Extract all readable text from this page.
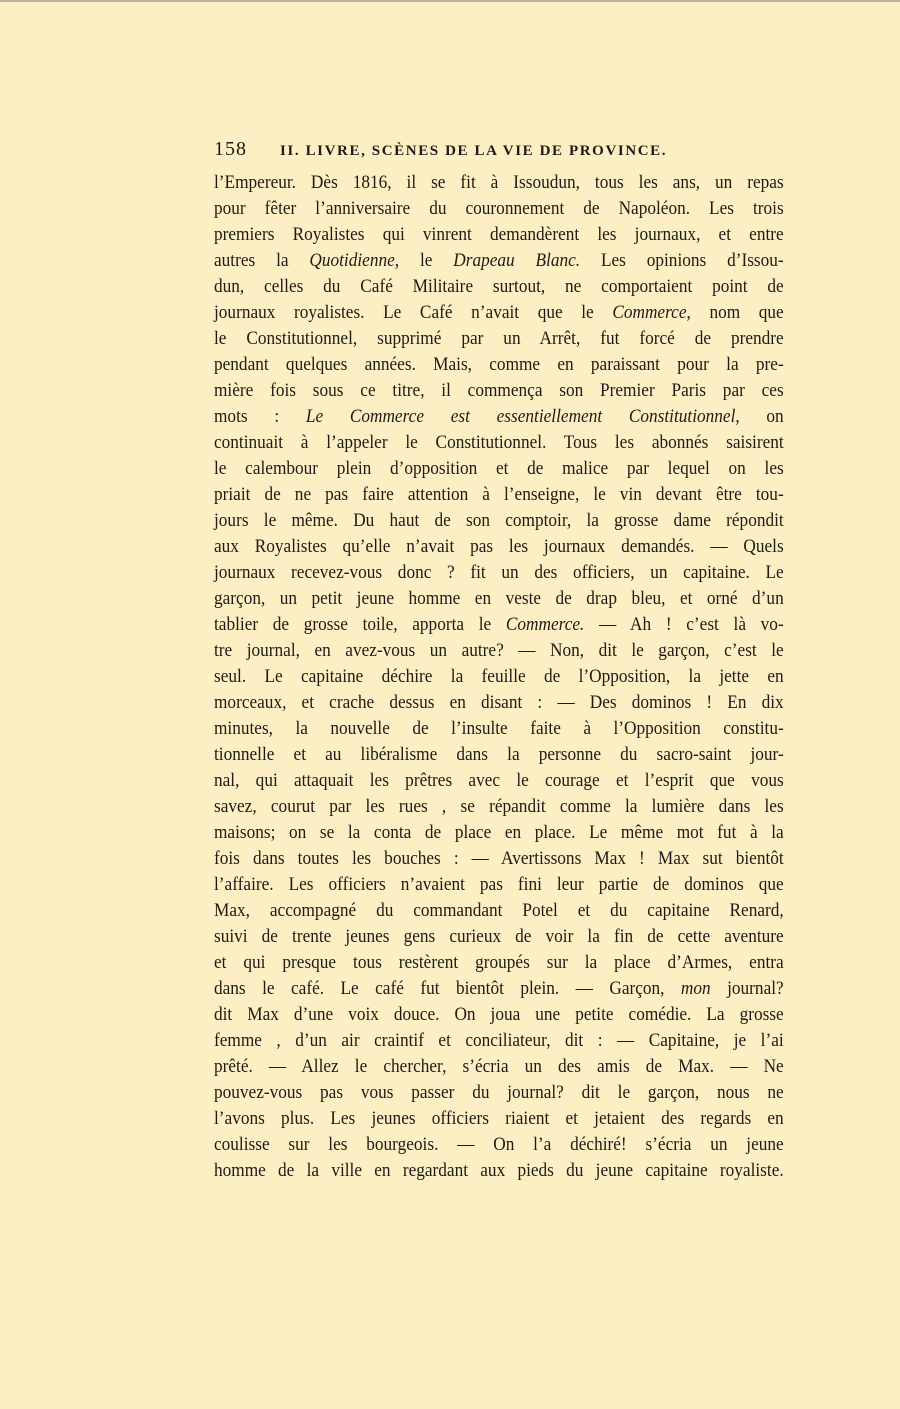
158	II. LIVRE, SCÈNES DE LA VIE DE PROVINCE.
l’Empereur. Dès 1816, il se fit à Issoudun, tous les ans, un repas
pour fêter l’anniversaire du couronnement de Napoléon. Les trois
premiers Royalistes qui vinrent demandèrent les journaux, et entre
autres la Quotidienne, le Drapeau Blanc. Les opinions d’Issou-
dun, celles du Café Militaire surtout, ne comportaient point de
journaux royalistes. Le Café n’avait que le Commerce, nom que
le Constitutionnel, supprimé par un Arrêt, fut forcé de prendre
pendant quelques années. Mais, comme en paraissant pour la pre-
mière fois sous ce titre, il commença son Premier Paris par ces
mots : Le Commerce est essentiellement Constitutionnel, on
continuait à l’appeler le Constitutionnel. Tous les abonnés saisirent
le calembour plein d’opposition et de malice par lequel on les
priait de ne pas faire attention à l’enseigne, le vin devant être tou-
jours le même. Du haut de son comptoir, la grosse dame répondit
aux Royalistes qu’elle n’avait pas les journaux demandés. — Quels
journaux recevez-vous donc ? fit un des officiers, un capitaine. Le
garçon, un petit jeune homme en veste de drap bleu, et orné d’un
tablier de grosse toile, apporta le Commerce. — Ah ! c’est là vo-
tre journal, en avez-vous un autre? — Non, dit le garçon, c’est le
seul. Le capitaine déchire la feuille de l’Opposition, la jette en
morceaux, et crache dessus en disant : — Des dominos ! En dix
minutes, la nouvelle de l’insulte faite à l’Opposition constitu-
tionnelle et au libéralisme dans la personne du sacro-saint jour-
nal, qui attaquait les prêtres avec le courage et l’esprit que vous
savez, courut par les rues , se répandit comme la lumière dans les
maisons; on se la conta de place en place. Le même mot fut à la
fois dans toutes les bouches : — Avertissons Max ! Max sut bientôt
l’affaire. Les officiers n’avaient pas fini leur partie de dominos que
Max, accompagné du commandant Potel et du capitaine Renard,
suivi de trente jeunes gens curieux de voir la fin de cette aventure
et qui presque tous restèrent groupés sur la place d’Armes, entra
dans le café. Le café fut bientôt plein. — Garçon, mon journal?
dit Max d’une voix douce. On joua une petite comédie. La grosse
femme , d’un air craintif et conciliateur, dit : — Capitaine, je l’ai
prêté. — Allez le chercher, s’écria un des amis de Max. — Ne
pouvez-vous pas vous passer du journal? dit le garçon, nous ne
l’avons plus. Les jeunes officiers riaient et jetaient des regards en
coulisse sur les bourgeois. — On l’a déchiré! s’écria un jeune
homme de la ville en regardant aux pieds du jeune capitaine royaliste.
